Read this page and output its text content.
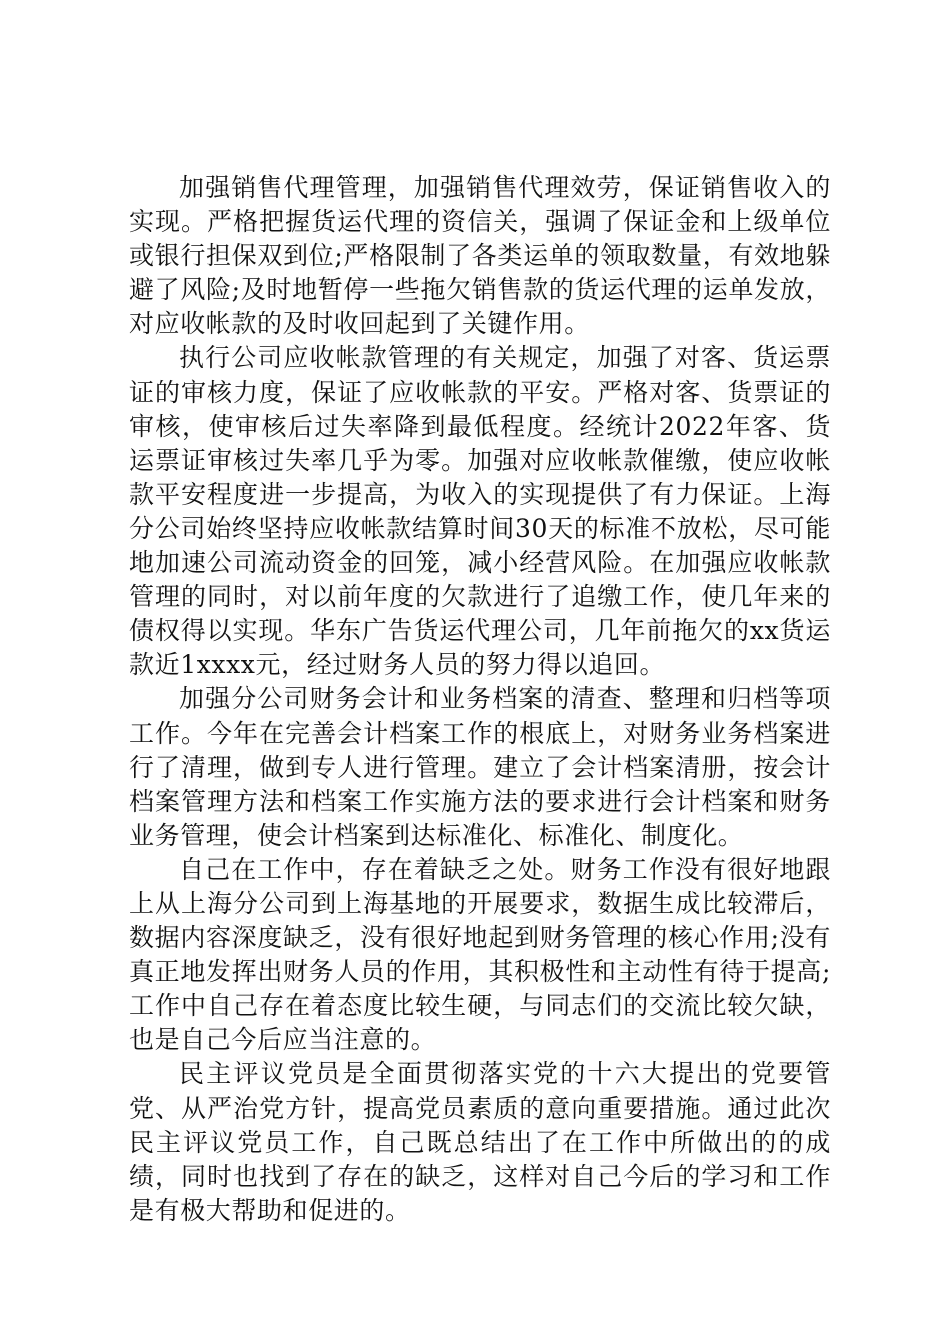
加强销售代理管理，加强销售代理效劳，保证销售收入的实现。严格把握货运代理的资信关，强调了保证金和上级单位或银行担保双到位;严格限制了各类运单的领取数量，有效地躲避了风险;及时地暂停一些拖欠销售款的货运代理的运单发放，对应收帐款的及时收回起到了关键作用。

执行公司应收帐款管理的有关规定，加强了对客、货运票证的审核力度，保证了应收帐款的平安。严格对客、货票证的审核，使审核后过失率降到最低程度。经统计2022年客、货运票证审核过失率几乎为零。加强对应收帐款催缴，使应收帐款平安程度进一步提高，为收入的实现提供了有力保证。上海分公司始终坚持应收帐款结算时间30天的标准不放松，尽可能地加速公司流动资金的回笼，减小经营风险。在加强应收帐款管理的同时，对以前年度的欠款进行了追缴工作，使几年来的债权得以实现。华东广告货运代理公司，几年前拖欠的xx货运款近1xxxx元，经过财务人员的努力得以追回。

加强分公司财务会计和业务档案的清查、整理和归档等项工作。今年在完善会计档案工作的根底上，对财务业务档案进行了清理，做到专人进行管理。建立了会计档案清册，按会计档案管理方法和档案工作实施方法的要求进行会计档案和财务业务管理，使会计档案到达标准化、标准化、制度化。

自己在工作中，存在着缺乏之处。财务工作没有很好地跟上从上海分公司到上海基地的开展要求，数据生成比较滞后，数据内容深度缺乏，没有很好地起到财务管理的核心作用;没有真正地发挥出财务人员的作用，其积极性和主动性有待于提高;工作中自己存在着态度比较生硬，与同志们的交流比较欠缺，也是自己今后应当注意的。

民主评议党员是全面贯彻落实党的十六大提出的党要管党、从严治党方针，提高党员素质的意向重要措施。通过此次民主评议党员工作，自己既总结出了在工作中所做出的的成绩，同时也找到了存在的缺乏，这样对自己今后的学习和工作是有极大帮助和促进的。
